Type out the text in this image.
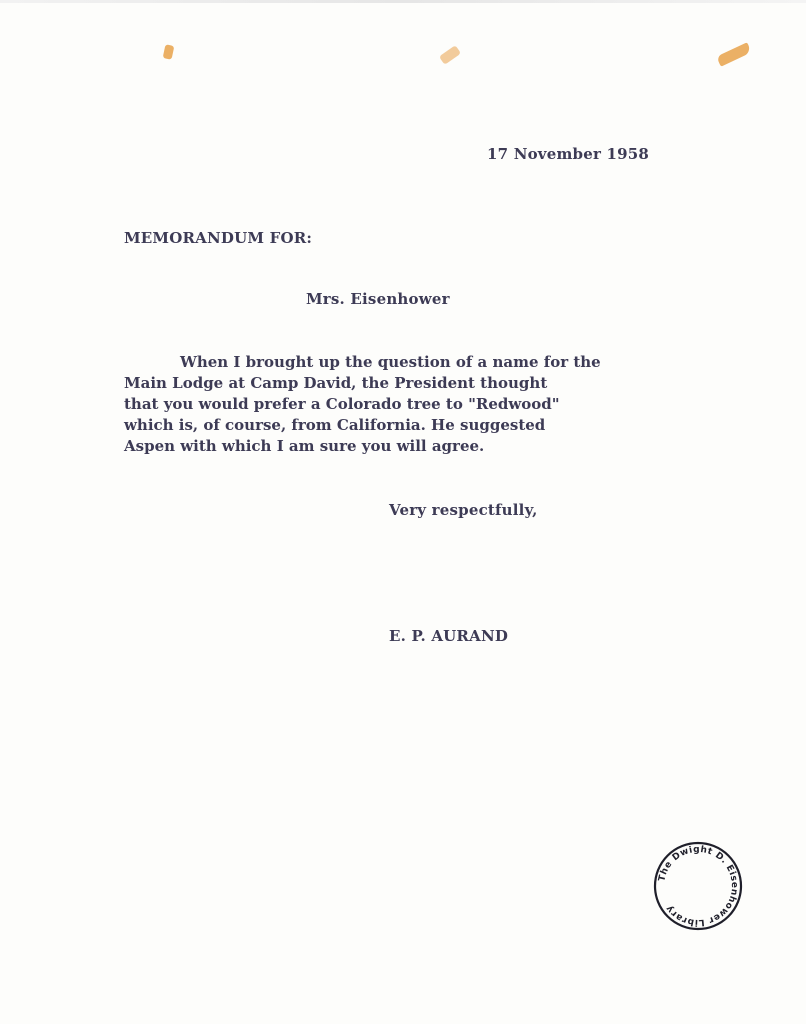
17 November 1958

MEMORANDUM FOR:

Mrs. Eisenhower

When I brought up the question of a name for the
Main Lodge at Camp David, the President thought
that you would prefer a Colorado tree to "Redwood"
which is, of course, from California. He suggested
Aspen with which I am sure you will agree.

Very respectfully,

E. P. AURAND

The Dwight D. Eisenhower Library
